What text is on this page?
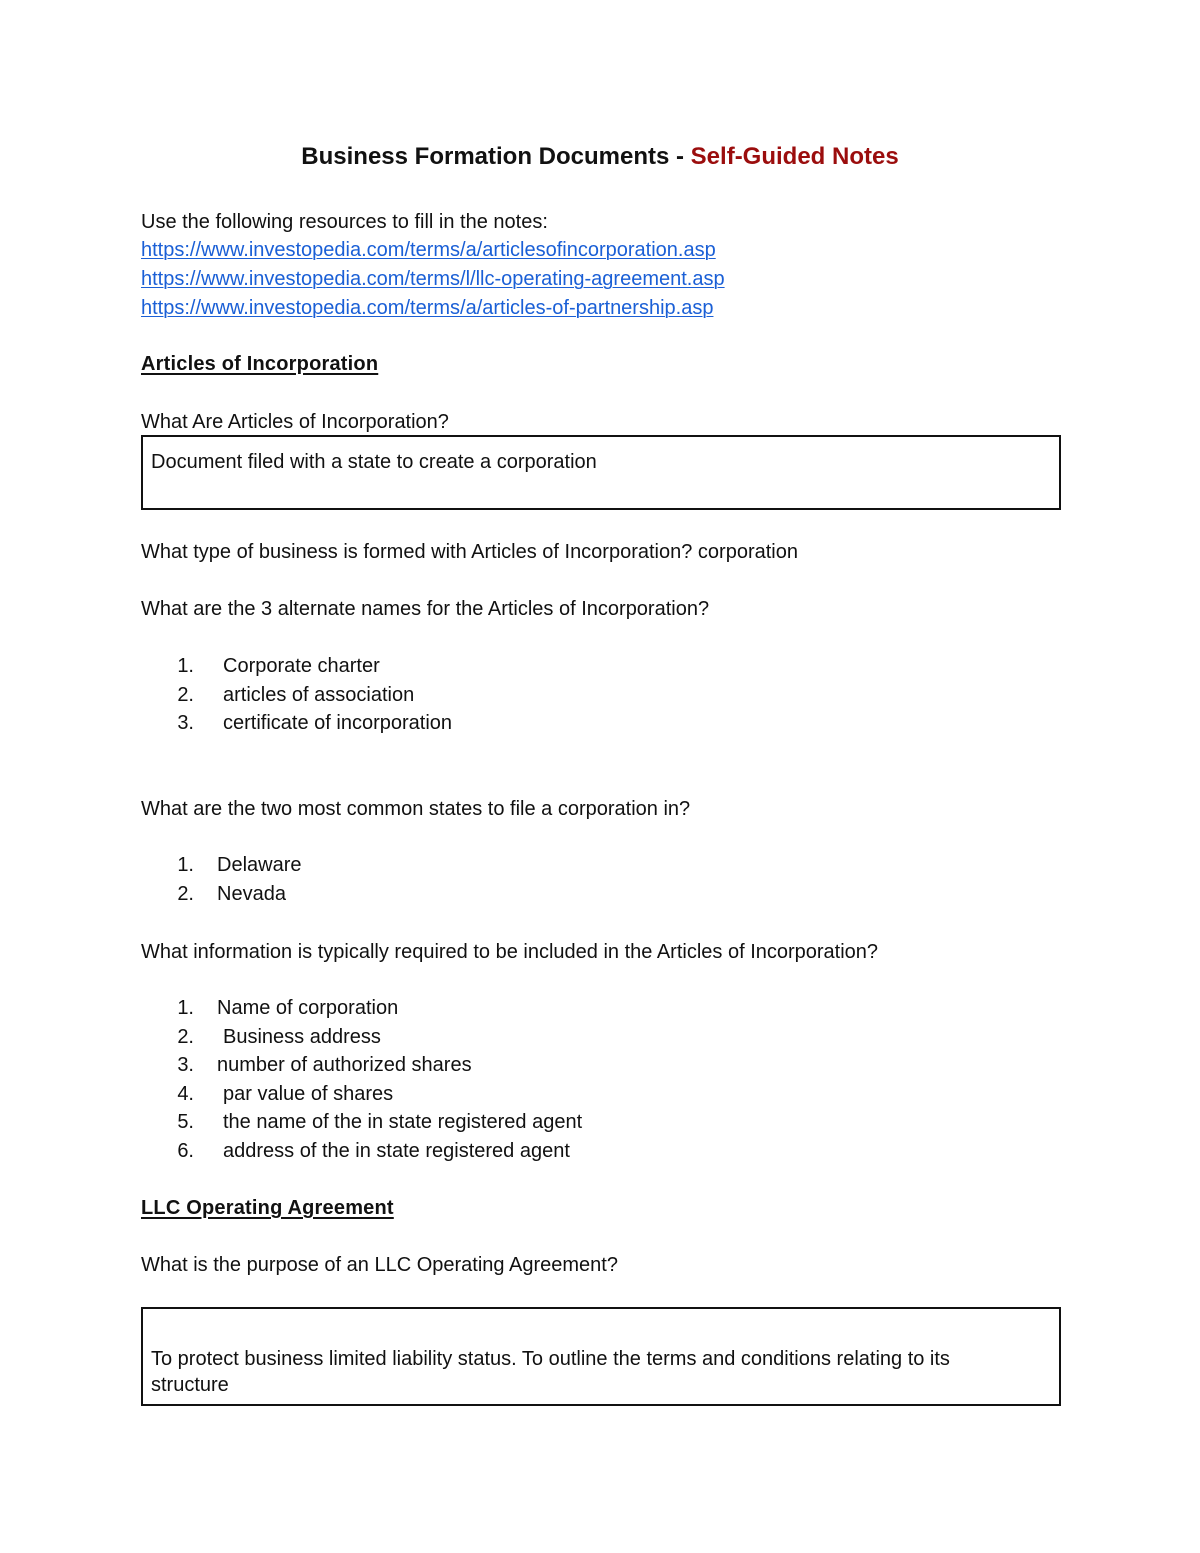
Business Formation Documents - Self-Guided Notes
Use the following resources to fill in the notes:
https://www.investopedia.com/terms/a/articlesofincorporation.asp
https://www.investopedia.com/terms/l/llc-operating-agreement.asp
https://www.investopedia.com/terms/a/articles-of-partnership.asp
Articles of Incorporation
What Are Articles of Incorporation?
Document filed with a state to create a corporation
What type of business is formed with Articles of Incorporation? corporation
What are the 3 alternate names for the Articles of Incorporation?
1. Corporate charter
2. articles of association
3. certificate of incorporation
What are the two most common states to file a corporation in?
1. Delaware
2. Nevada
What information is typically required to be included in the Articles of Incorporation?
1. Name of corporation
2. Business address
3. number of authorized shares
4. par value of shares
5. the name of the in state registered agent
6. address of the in state registered agent
LLC Operating Agreement
What is the purpose of an LLC Operating Agreement?
To protect business limited liability status. To outline the terms and conditions relating to its structure
